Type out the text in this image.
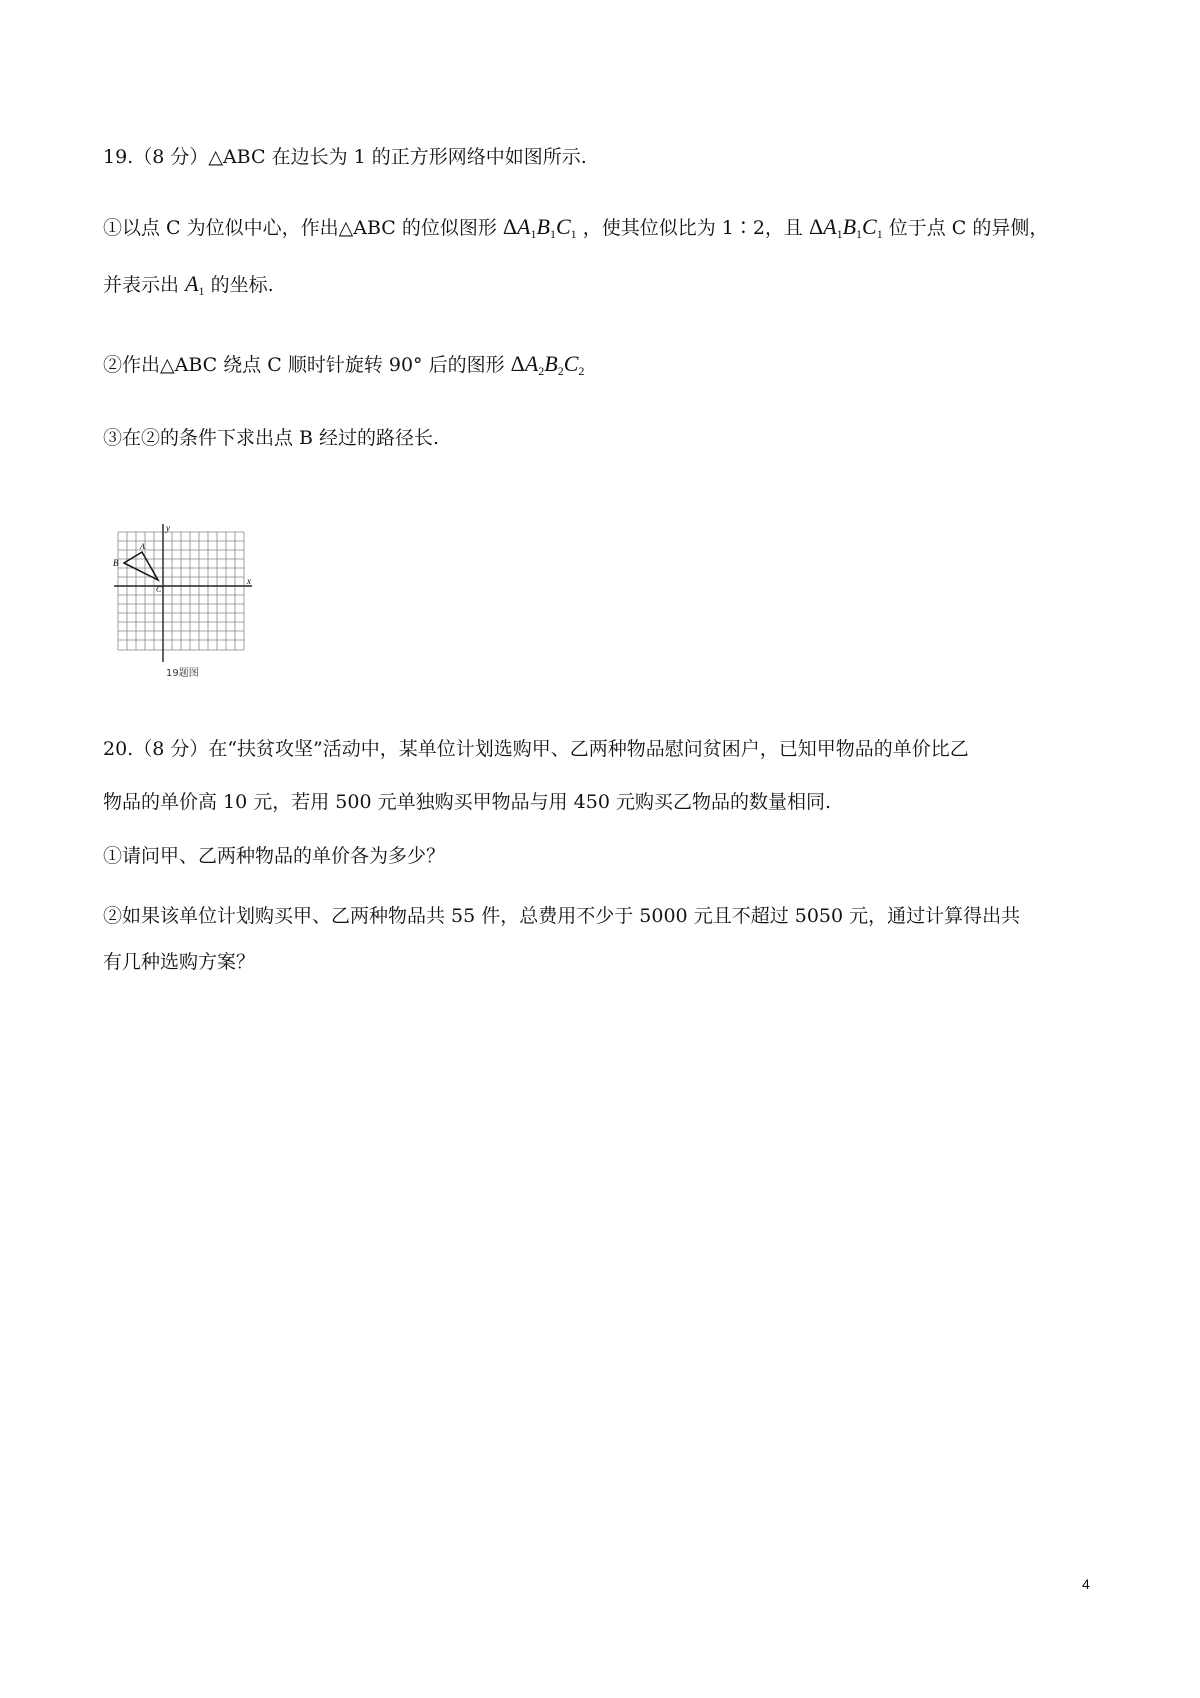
19.（8 分）△ABC 在边长为 1 的正方形网络中如图所示.
①以点 C 为位似中心，作出△ABC 的位似图形 $\Delta A_1B_1C_1$ ，使其位似比为 1∶2，且 $\Delta A_1B_1C_1$ 位于点 C 的异侧，
并表示出 $A_1$ 的坐标.
②作出△ABC 绕点 C 顺时针旋转 90° 后的图形 $\Delta A_2B_2C_2$
③在②的条件下求出点 B 经过的路径长.
y
x
A
B
C
19题图
20.（8 分）在“扶贫攻坚”活动中，某单位计划选购甲、乙两种物品慰问贫困户，已知甲物品的单价比乙
物品的单价高 10 元，若用 500 元单独购买甲物品与用 450 元购买乙物品的数量相同.
①请问甲、乙两种物品的单价各为多少？
②如果该单位计划购买甲、乙两种物品共 55 件，总费用不少于 5000 元且不超过 5050 元，通过计算得出共
有几种选购方案？
4
